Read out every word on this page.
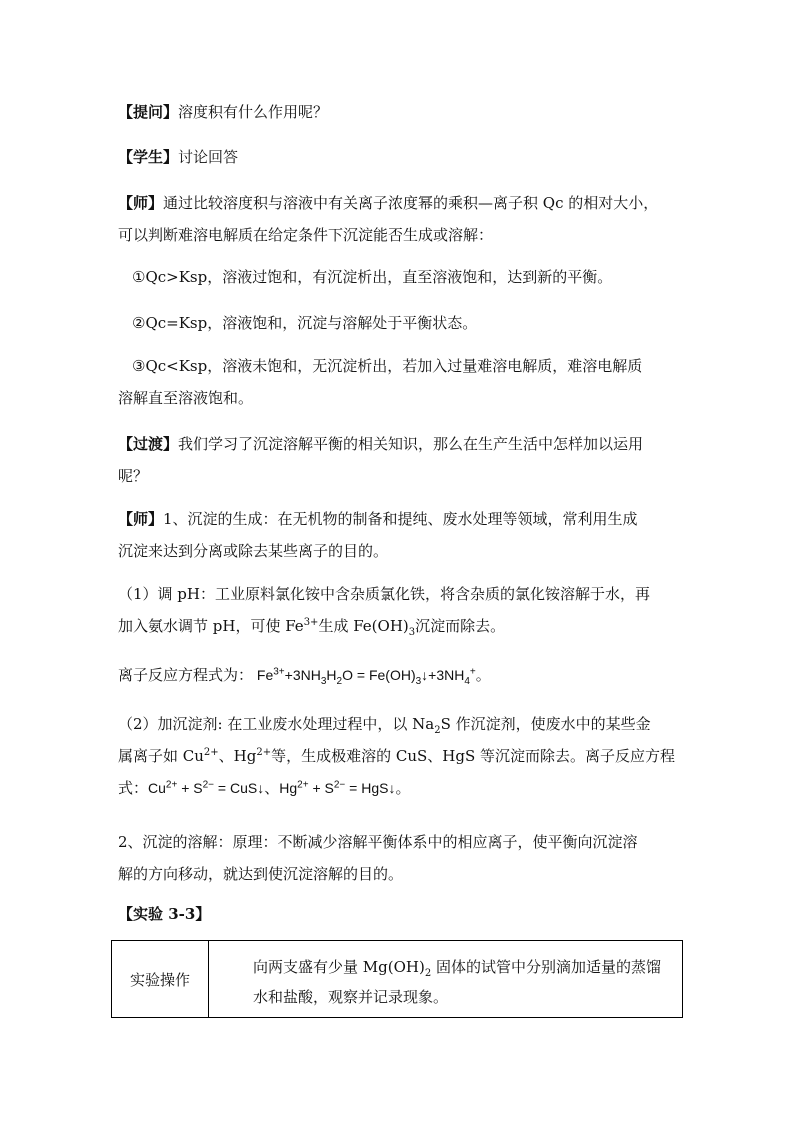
【提问】溶度积有什么作用呢？

【学生】讨论回答

【师】通过比较溶度积与溶液中有关离子浓度幂的乘积—离子积 Qc 的相对大小，
可以判断难溶电解质在给定条件下沉淀能否生成或溶解：

①Qc>Ksp，溶液过饱和，有沉淀析出，直至溶液饱和，达到新的平衡。

②Qc=Ksp，溶液饱和，沉淀与溶解处于平衡状态。

③Qc<Ksp，溶液未饱和，无沉淀析出，若加入过量难溶电解质，难溶电解质

溶解直至溶液饱和。

【过渡】我们学习了沉淀溶解平衡的相关知识，那么在生产生活中怎样加以运用
呢？

【师】1、沉淀的生成：在无机物的制备和提纯、废水处理等领域，常利用生成
沉淀来达到分离或除去某些离子的目的。

（1）调 pH：工业原料氯化铵中含杂质氯化铁，将含杂质的氯化铵溶解于水，再
加入氨水调节 pH，可使 $Fe^{3+}$生成 $Fe(OH)_3$沉淀而除去。

离子反应方程式为： $Fe^{3+}+3NH_3H_2O$ = $Fe(OH)_3↓+3NH_4^+$。

（2）加沉淀剂: 在工业废水处理过程中，以 $Na_2S$ 作沉淀剂，使废水中的某些金
属离子如 $Cu^{2+}$、$Hg^{2+}$等，生成极难溶的 CuS、HgS 等沉淀而除去。离子反应方程
式：$Cu^{2+} + S^{2-}$ = CuS↓、$Hg^{2+} + S^{2-}$ = HgS↓。

2、沉淀的溶解：原理：不断减少溶解平衡体系中的相应离子，使平衡向沉淀溶
解的方向移动，就达到使沉淀溶解的目的。

【实验 3-3】

实验操作
向两支盛有少量 $Mg(OH)_2$ 固体的试管中分别滴加适量的蒸馏
水和盐酸，观察并记录现象。
